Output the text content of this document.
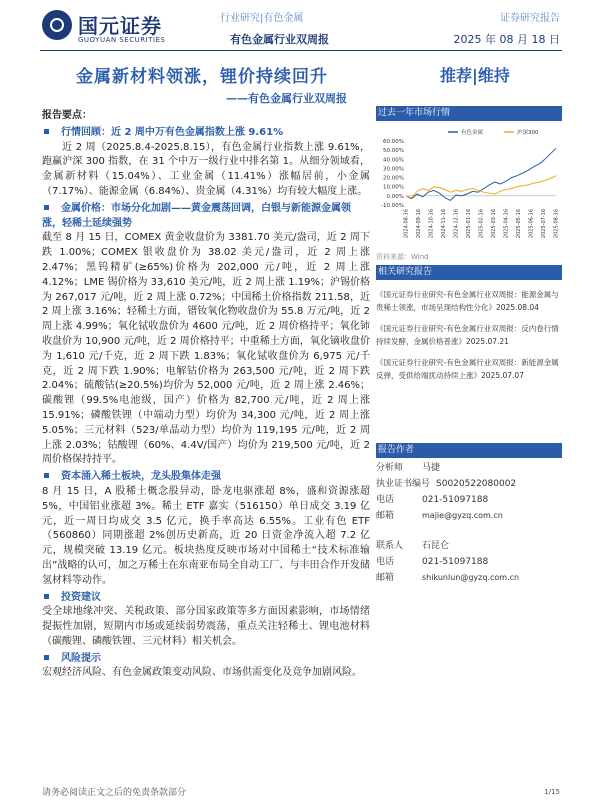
国元证券
GUOYUAN SECURITIES
行业研究|有色金属	证券研究报告
有色金属行业双周报	2025 年 08 月 18 日
金属新材料领涨，锂价持续回升	推荐|维持
——有色金属行业双周报
报告要点：
行情回顾：近 2 周中万有色金属指数上涨 9.61%

近 2 周（2025.8.4-2025.8.15），有色金属行业指数上涨 9.61%，跑赢沪深 300 指数，在 31 个中万一级行业中排名第 1。从细分领域看，金属新材料（15.04%）、工业金属（11.41%）涨幅居前，小金属（7.17%）、能源金属（6.84%）、贵金属（4.31%）均有较大幅度上涨。

金属价格：市场分化加剧——黄金震荡回调，白银与新能源金属领涨，轻稀土延续强势

截至 8 月 15 日，COMEX 黄金收盘价为 3381.70 美元/盎司，近 2 周下跌 1.00%；COMEX 银收盘价为 38.02 美元/盎司，近 2 周上涨 2.47%；黑钨精矿(≥65%)价格为 202,000 元/吨，近 2 周上涨 4.12%；LME 锡价格为 33,610 美元/吨，近 2 周上涨 1.19%；沪锡价格为 267,017 元/吨，近 2 周上涨 0.72%；中国稀土价格指数 211.58，近 2 周上涨 3.16%；轻稀土方面，镨钕氧化物收盘价为 55.8 万元/吨，近 2 周上涨 4.99%；氧化铽收盘价为 4600 元/吨，近 2 周价格持平；氧化铈收盘价为 10,900 元/吨，近 2 周价格持平；中重稀土方面，氧化镝收盘价为 1,610 元/千克，近 2 周下跌 1.83%；氧化铽收盘价为 6,975 元/千克，近 2 周下跌 1.90%；电解钴价格为 263,500 元/吨，近 2 周下跌 2.04%；硫酸钴(≥20.5%)均价为 52,000 元/吨，近 2 周上涨 2.46%；碳酸锂（99.5%电池级，国产）价格为 82,700 元/吨，近 2 周上涨 15.91%；磷酸铁锂（中端动力型）均价为 34,300 元/吨，近 2 周上涨 5.05%；三元材料（523/单晶动力型）均价为 119,195 元/吨，近 2 周上涨 2.03%；钴酸锂（60%、4.4V/国产）均价为 219,500 元/吨，近 2 周价格保持持平。

资本涌入稀土板块，龙头股集体走强

8 月 15 日，A 股稀土概念股异动，卧龙电驱涨超 8%，盛和资源涨超 5%，中国铝业涨超 3%。稀土 ETF 嘉实（516150）单日成交 3.19 亿元，近一周日均成交 3.5 亿元，换手率高达 6.55%。工业有色 ETF（560860）同期涨超 2%创历史新高，近 20 日资金净流入超 7.2 亿元，规模突破 13.19 亿元。板块热度反映市场对中国稀土“技术标准输出”战略的认可，加之万稀土在东南亚布局全自动工厂、与丰田合作开发储氢材料等动作。

投资建议

受全球地缘冲突、关税政策、部分国家政策等多方面因素影响，市场情绪提振性加剧，短期内市场或延续弱势震荡，重点关注轻稀土、锂电池材料（碳酸锂、磷酸铁锂、三元材料）相关机会。

风险提示

宏观经济风险、有色金属政策变动风险、市场供需变化及竞争加剧风险。

过去一年市场行情
60.00%
50.00%
40.00%
30.00%
20.00%
10.00%
0.00%
-10.00%
2024-08-16 2024-09-16 2024-10-16 2024-11-16 2024-12-16 2025-01-16 2025-02-16 2025-03-16 2025-04-16 2025-05-16 2025-06-16 2025-07-16 2025-08-16
有色金属	沪深300
资料来源：Wind
相关研究报告
《国元证券行业研究-有色金属行业双周报：能源金属与贵稀土领涨，市场呈现结构性分化》2025.08.04
《国元证券行业研究-有色金属行业双周报：反内卷行情持续发酵，金属价格普涨》2025.07.21
《国元证券行业研究-有色金属行业双周报：新能源金属反弹，受供给端扰动持续上涨》2025.07.07
报告作者
分析师 马捷
执业证书编号 S0020522080002
电话	021-51097188
邮箱	majie@gyzq.com.cn
联系人 石昆仑
电话	021-51097188
邮箱	shikunlun@gyzq.com.cn
请务必阅读正文之后的免责条款部分	1/15
